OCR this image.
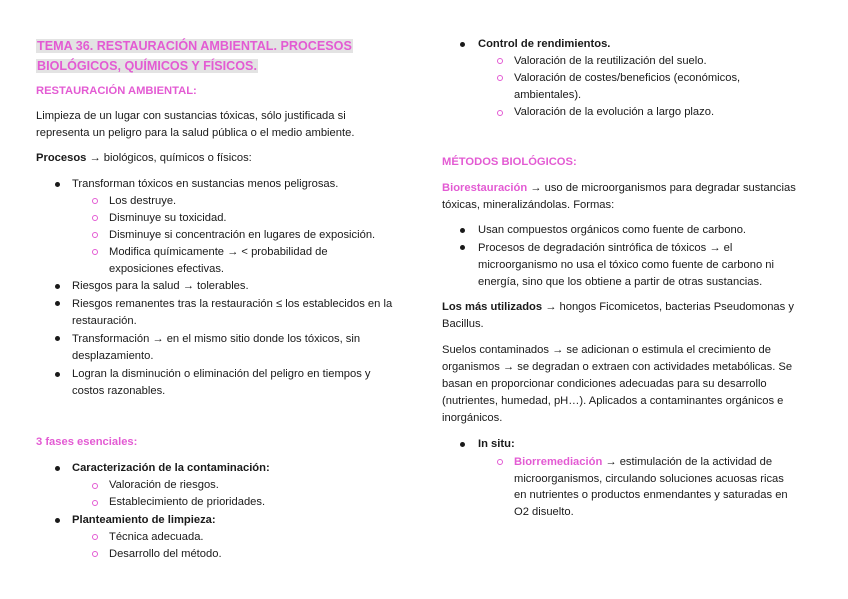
TEMA 36. RESTAURACIÓN AMBIENTAL. PROCESOS
BIOLÓGICOS, QUÍMICOS Y FÍSICOS.

RESTAURACIÓN AMBIENTAL:

Limpieza de un lugar con sustancias tóxicas, sólo justificada si

representa un peligro para la salud pública o el medio ambiente.

Procesos → biológicos, químicos o físicos:

Transforman tóxicos en sustancias menos peligrosas.

Los destruye.

Disminuye su toxicidad.

Disminuye si concentración en lugares de exposición.

Modifica químicamente → < probabilidad de

exposiciones efectivas.

Riesgos para la salud → tolerables.

Riesgos remanentes tras la restauración ≤ los establecidos en la

restauración.

Transformación → en el mismo sitio donde los tóxicos, sin

desplazamiento.

Logran la disminución o eliminación del peligro en tiempos y

costos razonables.

3 fases esenciales:

Caracterización de la contaminación:

Valoración de riesgos.

Establecimiento de prioridades.

Planteamiento de limpieza:

Técnica adecuada.

Desarrollo del método.

Control de rendimientos.

Valoración de la reutilización del suelo.

Valoración de costes/beneficios (económicos,

ambientales).

Valoración de la evolución a largo plazo.

MÉTODOS BIOLÓGICOS:

Biorestauración → uso de microorganismos para degradar sustancias

tóxicas, mineralizándolas. Formas:

Usan compuestos orgánicos como fuente de carbono.

Procesos de degradación sintrófica de tóxicos → el

microorganismo no usa el tóxico como fuente de carbono ni

energía, sino que los obtiene a partir de otras sustancias.

Los más utilizados → hongos Ficomicetos, bacterias Pseudomonas y

Bacillus.

Suelos contaminados → se adicionan o estimula el crecimiento de

organismos → se degradan o extraen con actividades metabólicas. Se

basan en proporcionar condiciones adecuadas para su desarrollo

(nutrientes, humedad, pH…). Aplicados a contaminantes orgánicos e

inorgánicos.

In situ:

Biorremediación → estimulación de la actividad de

microorganismos, circulando soluciones acuosas ricas

en nutrientes o productos enmendantes y saturadas en

O2 disuelto.
